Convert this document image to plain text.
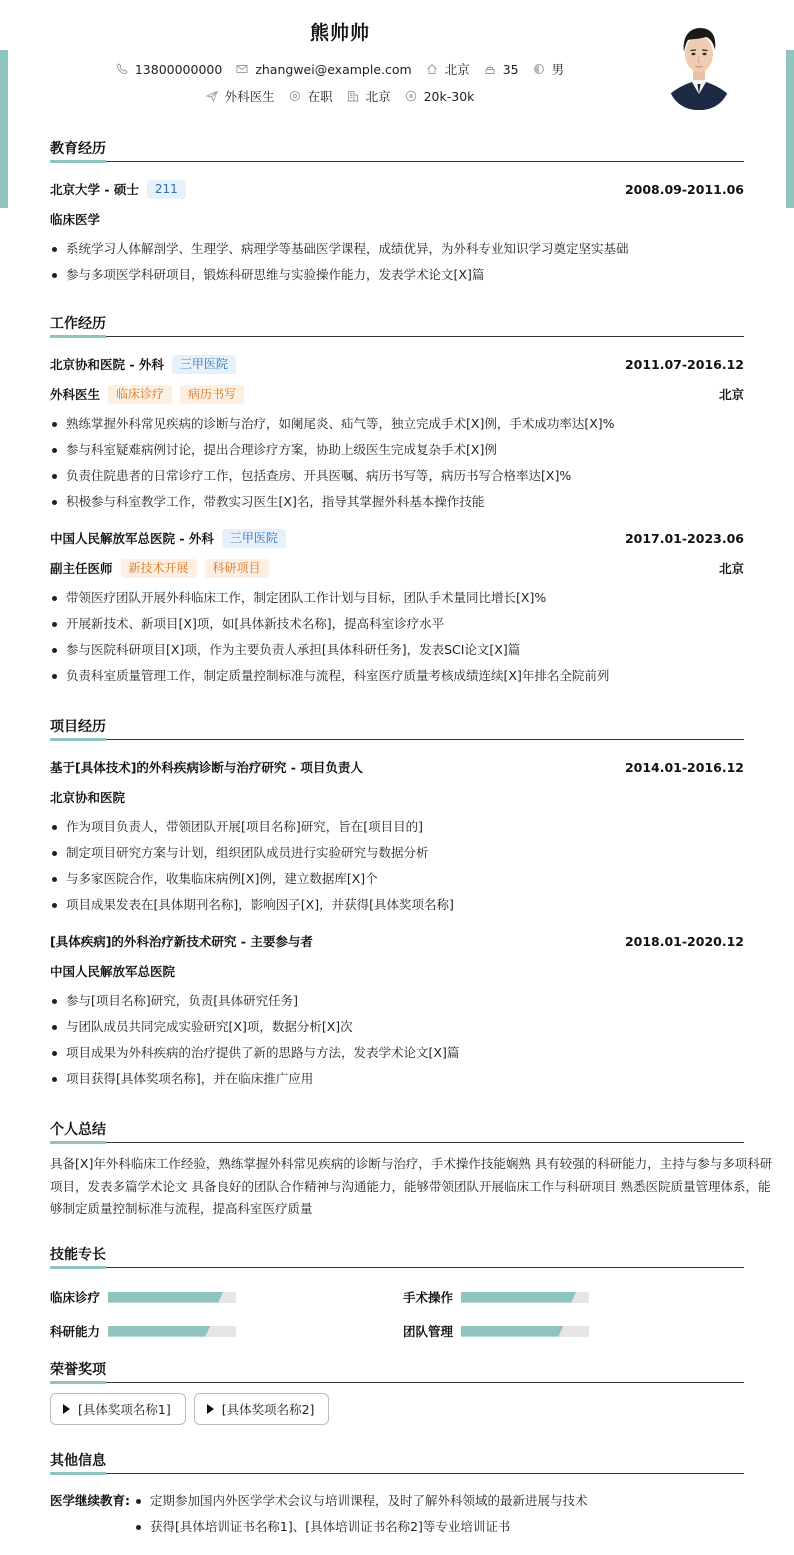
熊帅帅
13800000000	zhangwei@example.com	北京	35	男
外科医生	在职	北京	20k-30k
教育经历
北京大学 - 硕士	211	2008.09-2011.06
临床医学
系统学习人体解剖学、生理学、病理学等基础医学课程，成绩优异，为外科专业知识学习奠定坚实基础
参与多项医学科研项目，锻炼科研思维与实验操作能力，发表学术论文[X]篇
工作经历
北京协和医院 - 外科	三甲医院	2011.07-2016.12
外科医生	临床诊疗	病历书写	北京
熟练掌握外科常见疾病的诊断与治疗，如阑尾炎、疝气等，独立完成手术[X]例，手术成功率达[X]%
参与科室疑难病例讨论，提出合理诊疗方案，协助上级医生完成复杂手术[X]例
负责住院患者的日常诊疗工作，包括查房、开具医嘱、病历书写等，病历书写合格率达[X]%
积极参与科室教学工作，带教实习医生[X]名，指导其掌握外科基本操作技能
中国人民解放军总医院 - 外科	三甲医院	2017.01-2023.06
副主任医师	新技术开展	科研项目	北京
带领医疗团队开展外科临床工作，制定团队工作计划与目标，团队手术量同比增长[X]%
开展新技术、新项目[X]项，如[具体新技术名称]，提高科室诊疗水平
参与医院科研项目[X]项，作为主要负责人承担[具体科研任务]，发表SCI论文[X]篇
负责科室质量管理工作，制定质量控制标准与流程，科室医疗质量考核成绩连续[X]年排名全院前列
项目经历
基于[具体技术]的外科疾病诊断与治疗研究 - 项目负责人	2014.01-2016.12
北京协和医院
作为项目负责人，带领团队开展[项目名称]研究，旨在[项目目的]
制定项目研究方案与计划，组织团队成员进行实验研究与数据分析
与多家医院合作，收集临床病例[X]例，建立数据库[X]个
项目成果发表在[具体期刊名称]，影响因子[X]，并获得[具体奖项名称]
[具体疾病]的外科治疗新技术研究 - 主要参与者	2018.01-2020.12
中国人民解放军总医院
参与[项目名称]研究，负责[具体研究任务]
与团队成员共同完成实验研究[X]项，数据分析[X]次
项目成果为外科疾病的治疗提供了新的思路与方法，发表学术论文[X]篇
项目获得[具体奖项名称]，并在临床推广应用
个人总结
具备[X]年外科临床工作经验，熟练掌握外科常见疾病的诊断与治疗，手术操作技能娴熟 具有较强的科研能力，主持与参与多项科研
项目，发表多篇学术论文 具备良好的团队合作精神与沟通能力，能够带领团队开展临床工作与科研项目 熟悉医院质量管理体系，能
够制定质量控制标准与流程，提高科室医疗质量
技能专长
临床诊疗	手术操作
科研能力	团队管理
荣誉奖项
[具体奖项名称1]	[具体奖项名称2]
其他信息
医学继续教育:	定期参加国内外医学学术会议与培训课程，及时了解外科领域的最新进展与技术
获得[具体培训证书名称1]、[具体培训证书名称2]等专业培训证书
